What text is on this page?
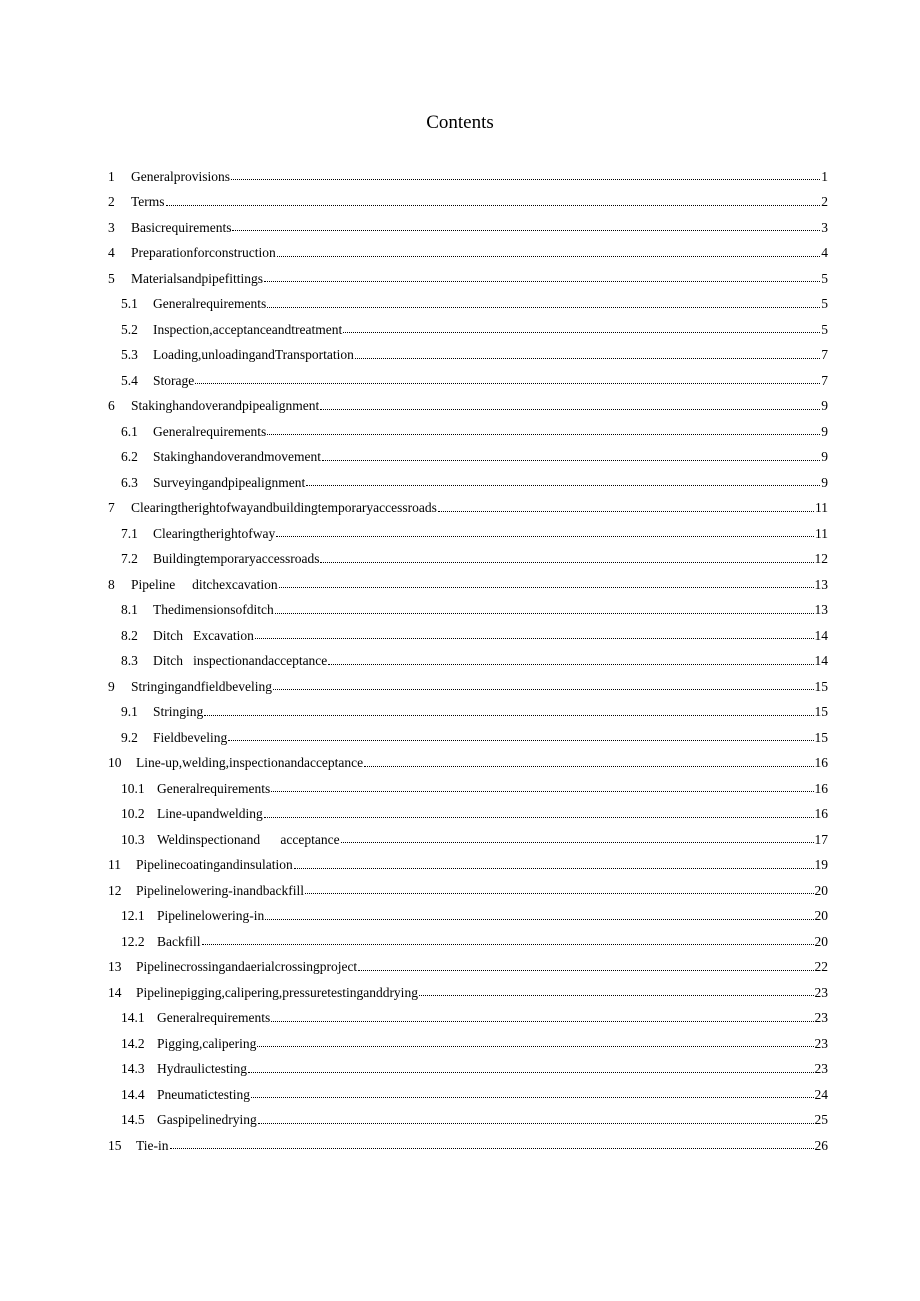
Contents
1	Generalprovisions	1
2	Terms	2
3	Basicrequirements	3
4	Preparationforconstruction	4
5	Materialsandpipefittings	5
5.1	Generalrequirements	5
5.2	Inspection,acceptanceandtreatment	5
5.3	Loading,unloadingandTransportation	7
5.4	Storage	7
6	Stakinghandoverandpipealignment	9
6.1	Generalrequirements	9
6.2	Stakinghandoverandmovement	9
6.3	Surveyingandpipealignment	9
7	Clearingtherightofwayandbuildingtemporaryaccessroads	11
7.1	Clearingtherightofway	11
7.2	Buildingtemporaryaccessroads	12
8	Pipeline     ditchexcavation	13
8.1	Thedimensionsofditch	13
8.2	Ditch   Excavation	14
8.3	Ditch   inspectionandacceptance	14
9	Stringingandfieldbeveling	15
9.1	Stringing	15
9.2	Fieldbeveling	15
10	Line-up,welding,inspectionandacceptance	16
10.1 Generalrequirements	16
10.2 Line-upandwelding	16
10.3 Weldinspectionand      acceptance	17
11	Pipelinecoatingandinsulation	19
12	Pipelinelowering-inandbackfill	20
12.1 Pipelinelowering-in	20
12.2 Backfill	20
13	Pipelinecrossingandaerialcrossingproject	22
14	Pipelinepigging,calipering,pressuretestinganddrying	23
14.1 Generalrequirements	23
14.2 Pigging,calipering	23
14.3 Hydraulictesting	23
14.4 Pneumatictesting	24
14.5 Gaspipelinedrying	25
15	Tie-in	26
